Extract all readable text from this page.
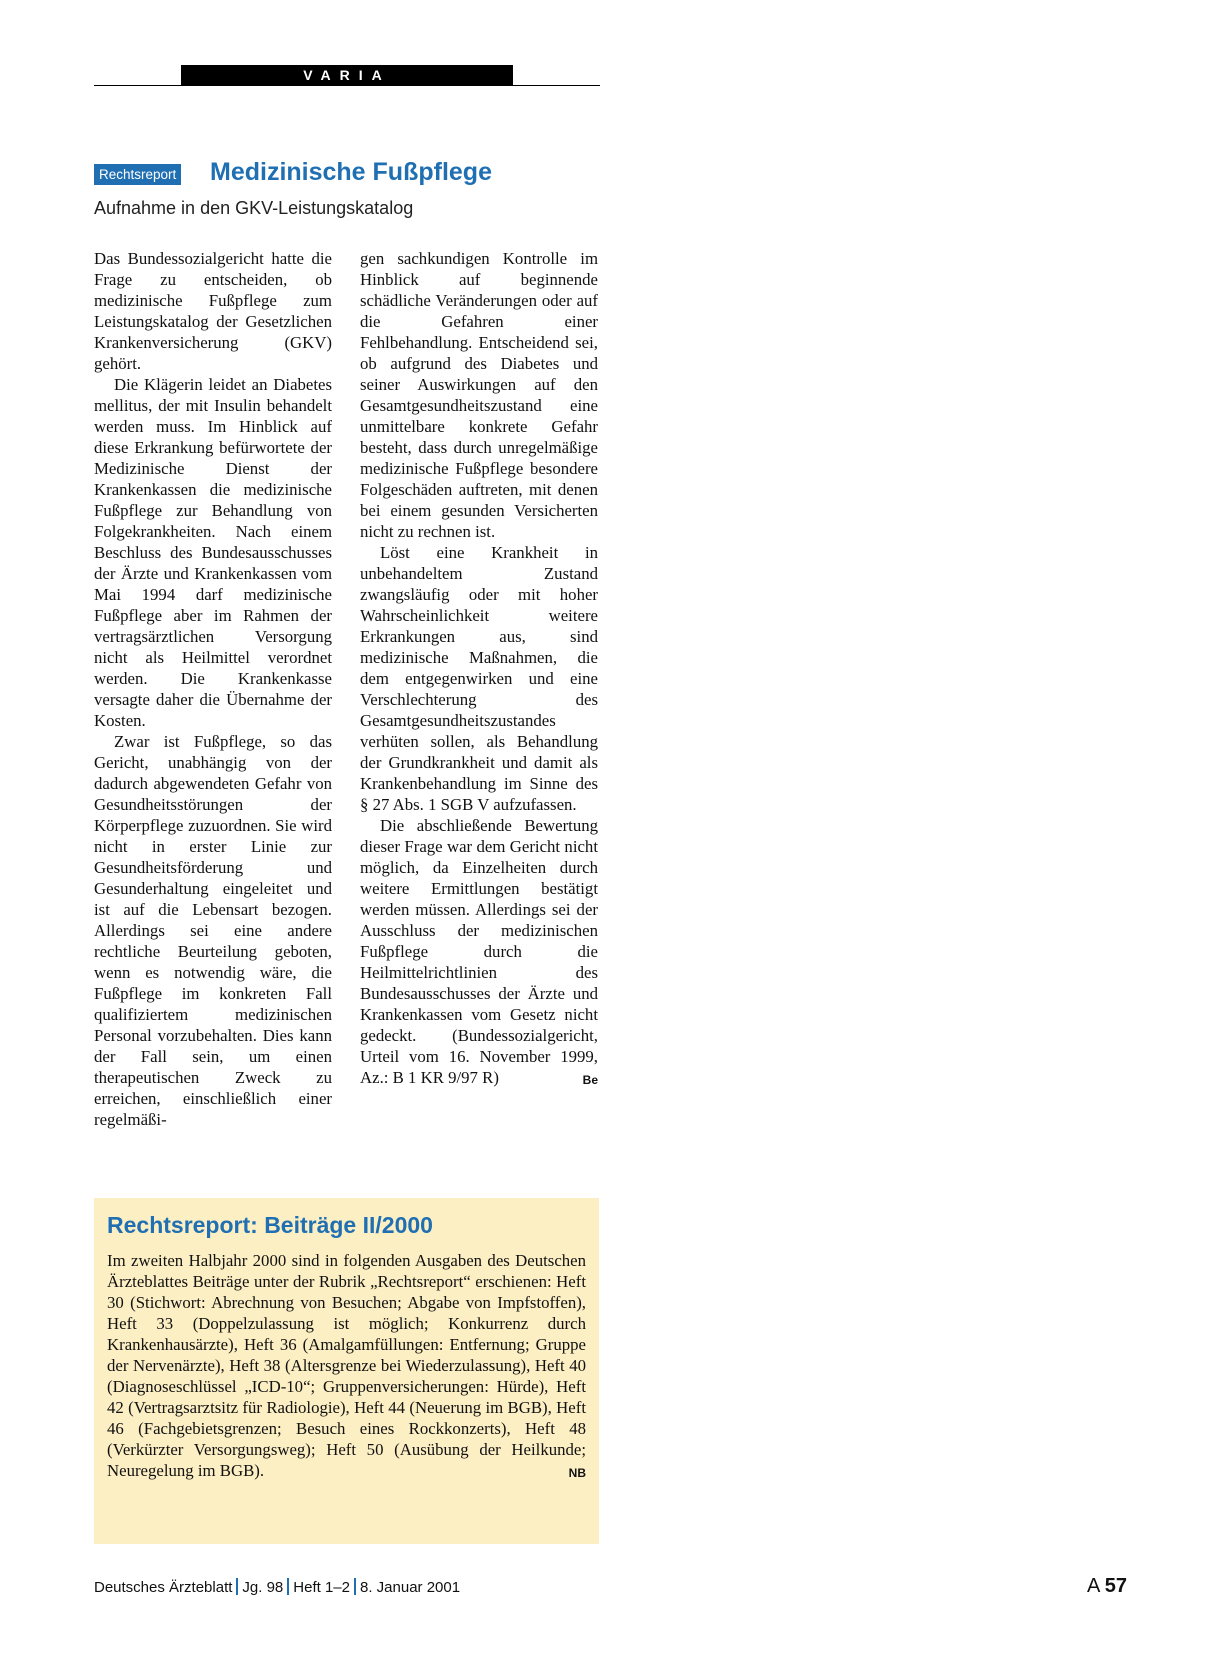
VARIA
Rechtsreport Medizinische Fußpflege
Aufnahme in den GKV-Leistungskatalog

Das Bundessozialgericht hatte die Frage zu entscheiden, ob medizinische Fußpflege zum Leistungskatalog der Gesetzlichen Krankenversicherung (GKV) gehört.

Die Klägerin leidet an Diabetes mellitus, der mit Insulin behandelt werden muss. Im Hinblick auf diese Erkrankung befürwortete der Medizinische Dienst der Krankenkassen die medizinische Fußpflege zur Behandlung von Folgekrankheiten. Nach einem Beschluss des Bundesausschusses der Ärzte und Krankenkassen vom Mai 1994 darf medizinische Fußpflege aber im Rahmen der vertragsärztlichen Versorgung nicht als Heilmittel verordnet werden. Die Krankenkasse versagte daher die Übernahme der Kosten.

Zwar ist Fußpflege, so das Gericht, unabhängig von der dadurch abgewendeten Gefahr von Gesundheitsstörungen der Körperpflege zuzuordnen. Sie wird nicht in erster Linie zur Gesundheitsförderung und Gesunderhaltung eingeleitet und ist auf die Lebensart bezogen. Allerdings sei eine andere rechtliche Beurteilung geboten, wenn es notwendig wäre, die Fußpflege im konkreten Fall qualifiziertem medizinischen Personal vorzubehalten. Dies kann der Fall sein, um einen therapeutischen Zweck zu erreichen, einschließlich einer regelmäßi-

gen sachkundigen Kontrolle im Hinblick auf beginnende schädliche Veränderungen oder auf die Gefahren einer Fehlbehandlung. Entscheidend sei, ob aufgrund des Diabetes und seiner Auswirkungen auf den Gesamtgesundheitszustand eine unmittelbare konkrete Gefahr besteht, dass durch unregelmäßige medizinische Fußpflege besondere Folgeschäden auftreten, mit denen bei einem gesunden Versicherten nicht zu rechnen ist.

Löst eine Krankheit in unbehandeltem Zustand zwangsläufig oder mit hoher Wahrscheinlichkeit weitere Erkrankungen aus, sind medizinische Maßnahmen, die dem entgegenwirken und eine Verschlechterung des Gesamtgesundheitszustandes verhüten sollen, als Behandlung der Grundkrankheit und damit als Krankenbehandlung im Sinne des § 27 Abs. 1 SGB V aufzufassen.

Die abschließende Bewertung dieser Frage war dem Gericht nicht möglich, da Einzelheiten durch weitere Ermittlungen bestätigt werden müssen. Allerdings sei der Ausschluss der medizinischen Fußpflege durch die Heilmittelrichtlinien des Bundesausschusses der Ärzte und Krankenkassen vom Gesetz nicht gedeckt. (Bundessozialgericht, Urteil vom 16. November 1999, Az.: B 1 KR 9/97 R)	Be

Rechtsreport: Beiträge II/2000

Im zweiten Halbjahr 2000 sind in folgenden Ausgaben des Deutschen Ärzteblattes Beiträge unter der Rubrik „Rechtsreport“ erschienen: Heft 30 (Stichwort: Abrechnung von Besuchen; Abgabe von Impfstoffen), Heft 33 (Doppelzulassung ist möglich; Konkurrenz durch Krankenhausärzte), Heft 36 (Amalgamfüllungen: Entfernung; Gruppe der Nervenärzte), Heft 38 (Altersgrenze bei Wiederzulassung), Heft 40 (Diagnoseschlüssel „ICD-10“; Gruppenversicherungen: Hürde), Heft 42 (Vertragsarztsitz für Radiologie), Heft 44 (Neuerung im BGB), Heft 46 (Fachgebietsgrenzen; Besuch eines Rockkonzerts), Heft 48 (Verkürzter Versorgungsweg); Heft 50 (Ausübung der Heilkunde; Neuregelung im BGB).	NB

Deutsches Ärzteblatt Jg. 98 Heft 1–2 8. Januar 2001	A 57
